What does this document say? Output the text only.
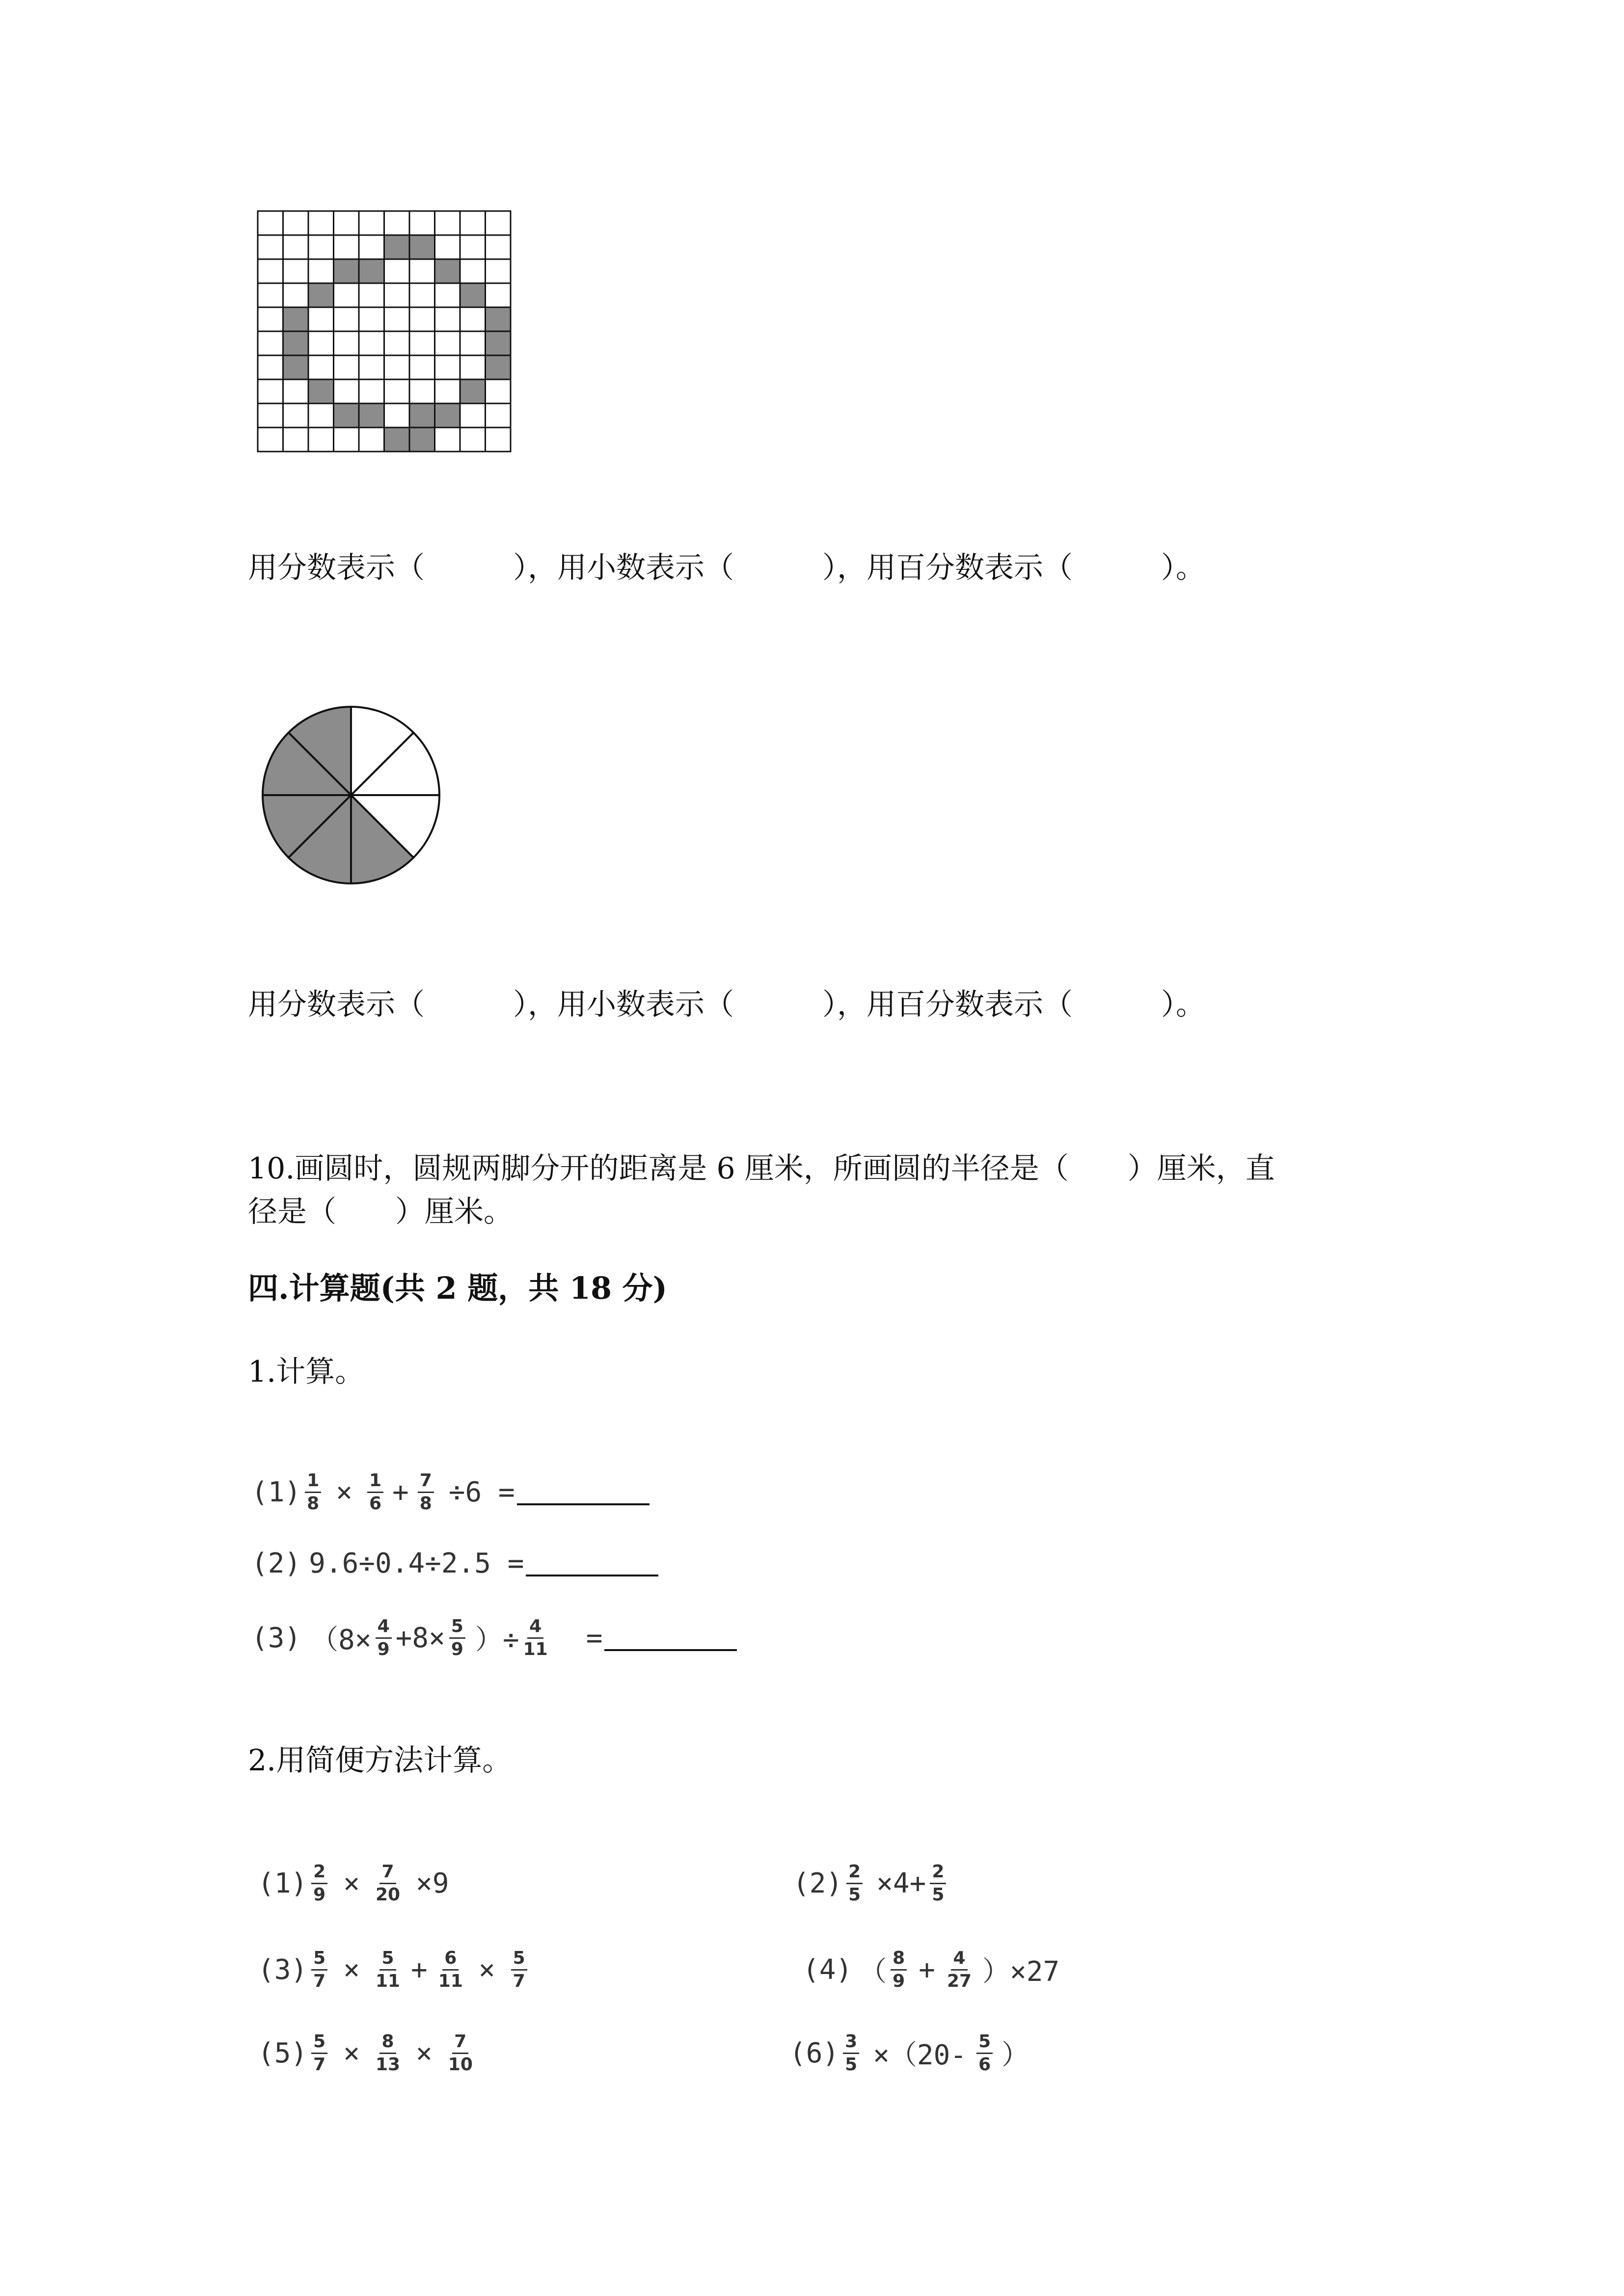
用分数表示（　　　），用小数表示（　　　），用百分数表示（　　　）。
用分数表示（　　　），用小数表示（　　　），用百分数表示（　　　）。
10.画圆时，圆规两脚分开的距离是 6 厘米，所画圆的半径是（　　）厘米，直
径是（　　）厘米。
四.计算题(共 2 题，共 18 分)
1.计算。
$(1) \frac{1}{8} \times \frac{1}{6} + \frac{7}{8} \div 6$ =
(2) 9.6÷0.4÷2.5 =
(3) （$8\times \frac{4}{9} +8\times \frac{5}{9}$ ）÷ $\frac{4}{11}$ =
2.用简便方法计算。
$(1) \frac{2}{9} \times \frac{7}{20} \times 9$	$(2) \frac{2}{5} \times 4+ \frac{2}{5}$
$(3) \frac{5}{7} \times \frac{5}{11} + \frac{6}{11} \times \frac{5}{7}$	(4) （ $\frac{8}{9} + \frac{4}{27} )\times 27$
$(5) \frac{5}{7} \times \frac{8}{13} \times \frac{7}{10}$	$(6) \frac{3}{5} \times(20- \frac{5}{6}$ ）
